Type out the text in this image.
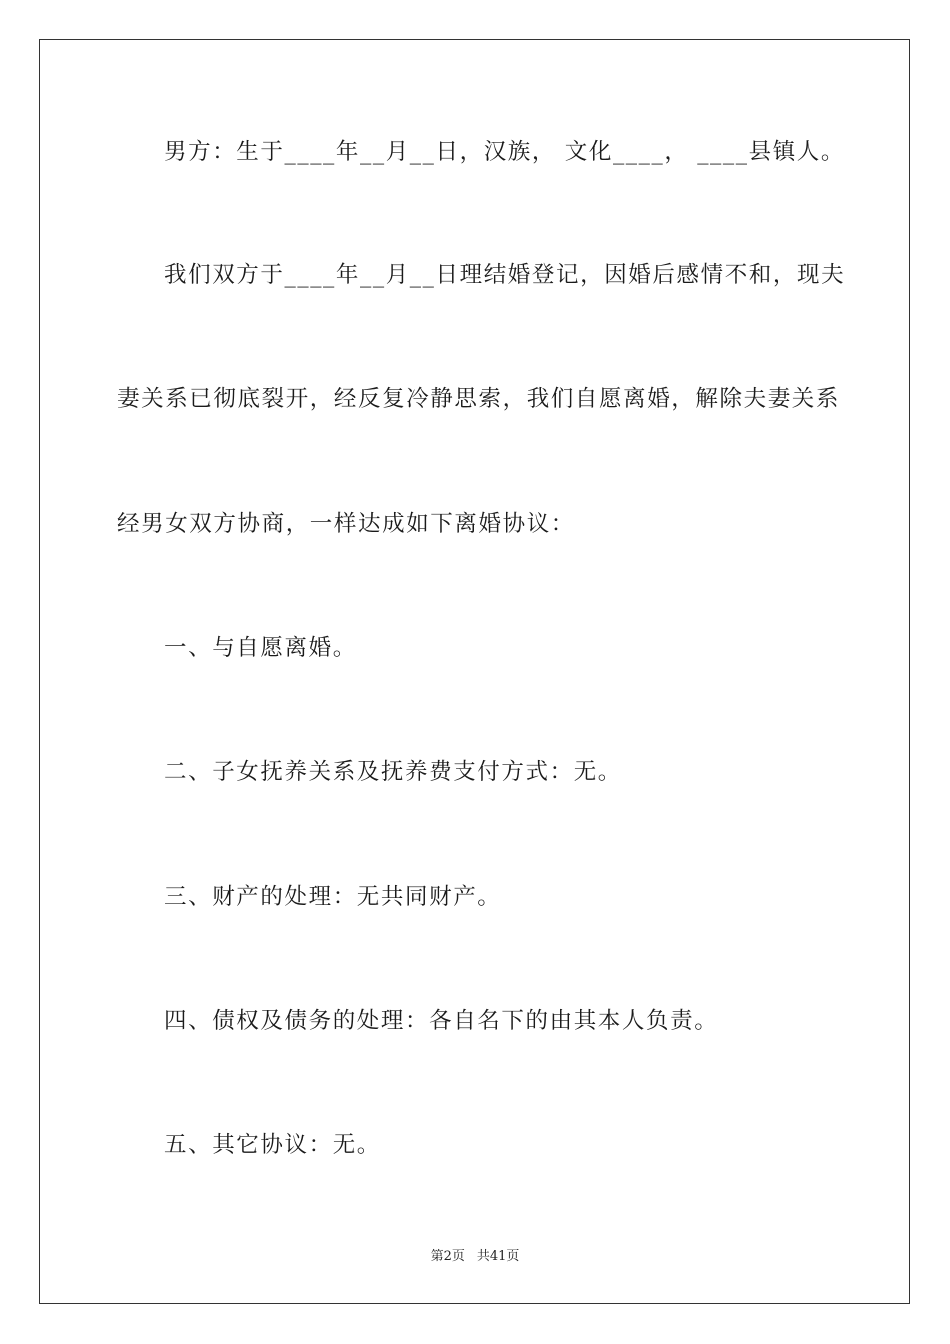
男方：生于____年__月__日，汉族， 文化____， ____县镇人。
我们双方于____年__月__日理结婚登记，因婚后感情不和，现夫
妻关系已彻底裂开，经反复冷静思索，我们自愿离婚，解除夫妻关系
经男女双方协商，一样达成如下离婚协议：
一、与自愿离婚。
二、子女抚养关系及抚养费支付方式：无。
三、财产的处理：无共同财产。
四、债权及债务的处理：各自名下的由其本人负责。
五、其它协议：无。
第2页 共41页
